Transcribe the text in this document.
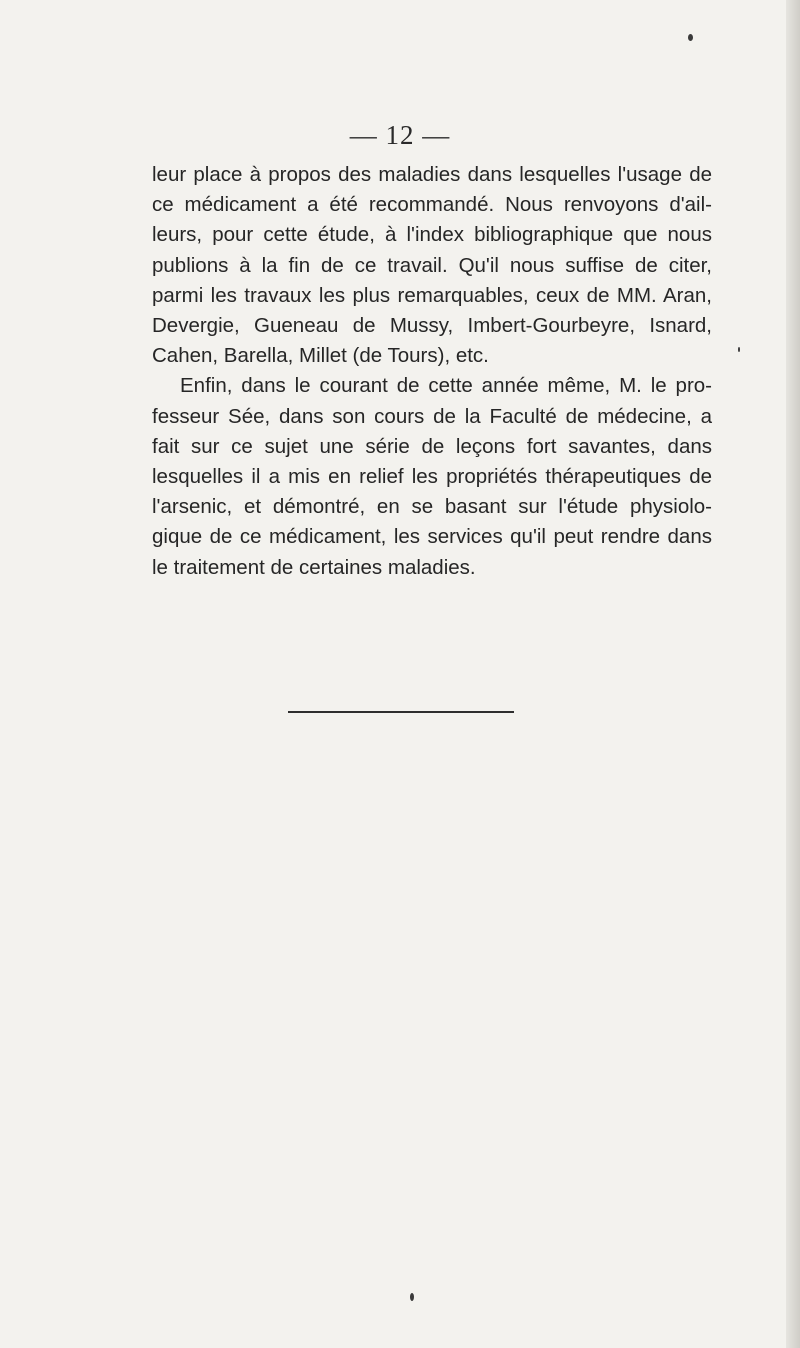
— 12 —
leur place à propos des maladies dans lesquelles l'usage de
ce médicament a été recommandé. Nous renvoyons d'ail-
leurs, pour cette étude, à l'index bibliographique que nous
publions à la fin de ce travail. Qu'il nous suffise de citer,
parmi les travaux les plus remarquables, ceux de MM. Aran,
Devergie, Gueneau de Mussy, Imbert-Gourbeyre, Isnard,
Cahen, Barella, Millet (de Tours), etc.
Enfin, dans le courant de cette année même, M. le pro-
fesseur Sée, dans son cours de la Faculté de médecine, a
fait sur ce sujet une série de leçons fort savantes, dans
lesquelles il a mis en relief les propriétés thérapeutiques de
l'arsenic, et démontré, en se basant sur l'étude physiolo-
gique de ce médicament, les services qu'il peut rendre dans
le traitement de certaines maladies.
